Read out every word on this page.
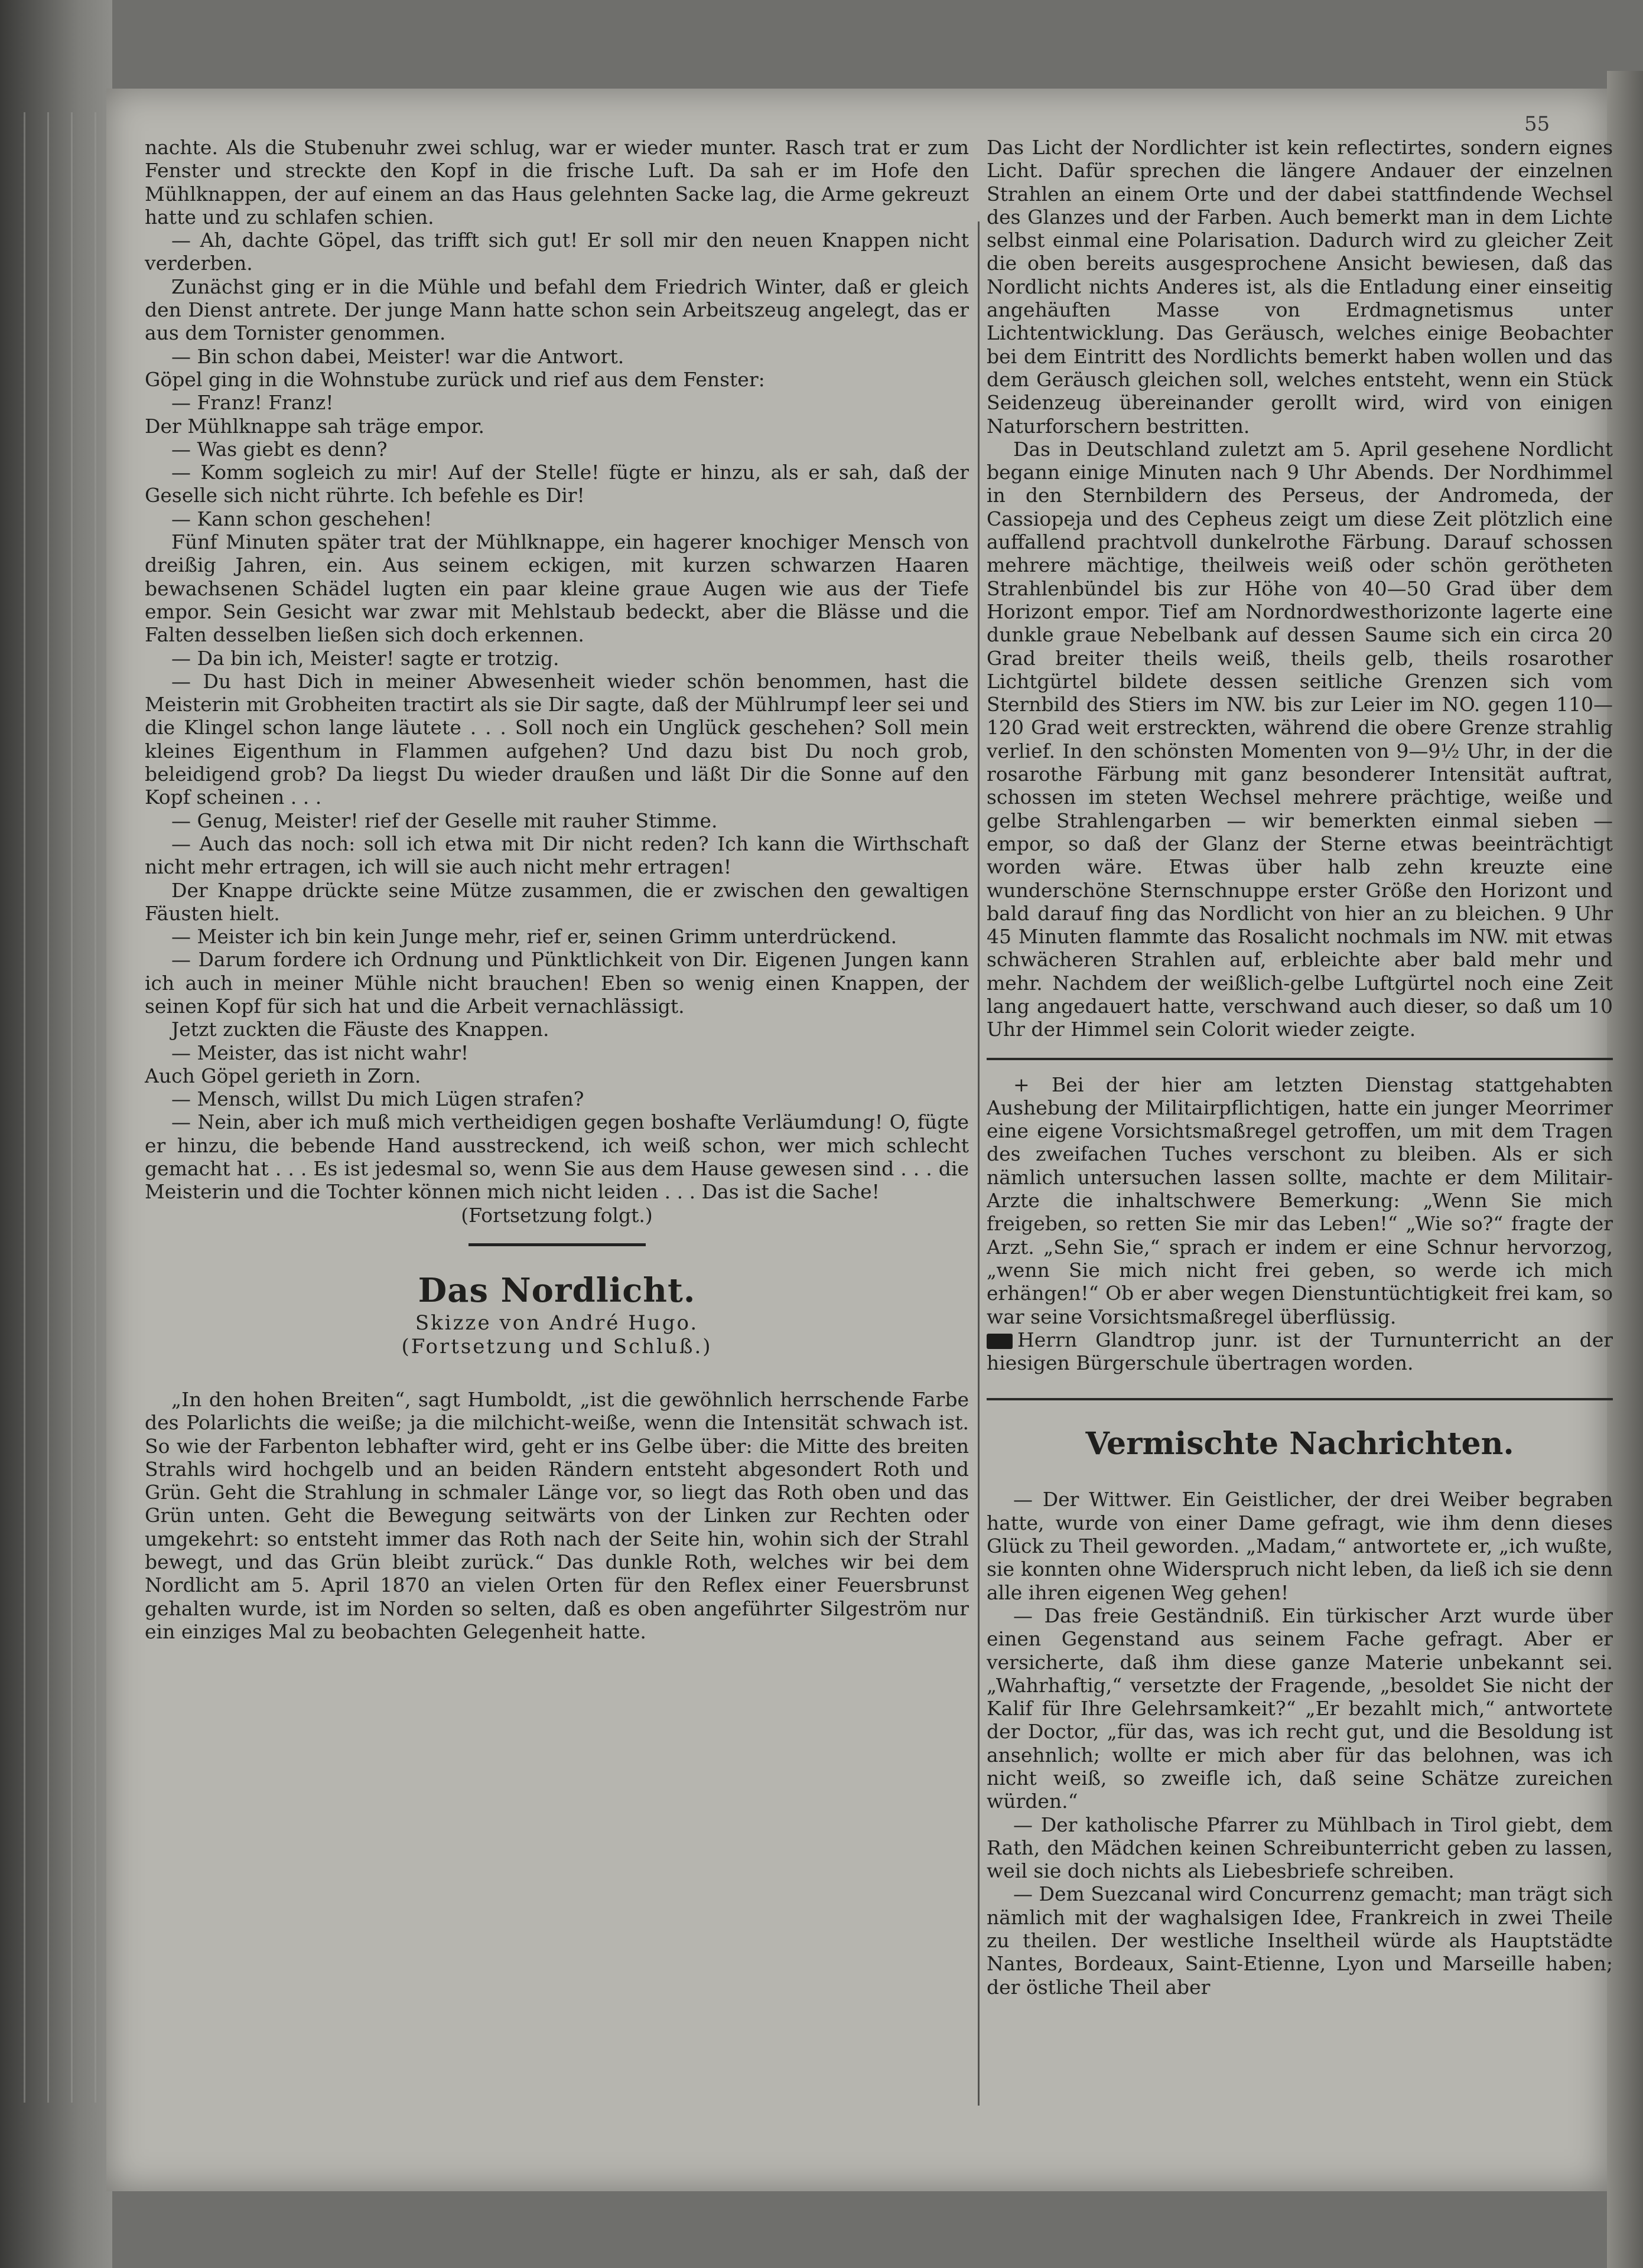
55

nachte. Als die Stubenuhr zwei schlug, war er wieder munter. Rasch trat er zum Fenster und streckte den Kopf in die frische Luft. Da sah er im Hofe den Mühlknappen, der auf einem an das Haus gelehnten Sacke lag, die Arme gekreuzt hatte und zu schlafen schien.

— Ah, dachte Göpel, das trifft sich gut! Er soll mir den neuen Knappen nicht verderben.

Zunächst ging er in die Mühle und befahl dem Friedrich Winter, daß er gleich den Dienst antrete. Der junge Mann hatte schon sein Arbeitszeug angelegt, das er aus dem Tornister genommen.

— Bin schon dabei, Meister! war die Antwort.

Göpel ging in die Wohnstube zurück und rief aus dem Fenster:

— Franz! Franz!

Der Mühlknappe sah träge empor.

— Was giebt es denn?

— Komm sogleich zu mir! Auf der Stelle! fügte er hinzu, als er sah, daß der Geselle sich nicht rührte. Ich befehle es Dir!

— Kann schon geschehen!

Fünf Minuten später trat der Mühlknappe, ein hagerer knochiger Mensch von dreißig Jahren, ein. Aus seinem eckigen, mit kurzen schwarzen Haaren bewachsenen Schädel lugten ein paar kleine graue Augen wie aus der Tiefe empor. Sein Gesicht war zwar mit Mehlstaub bedeckt, aber die Blässe und die Falten desselben ließen sich doch erkennen.

— Da bin ich, Meister! sagte er trotzig.

— Du hast Dich in meiner Abwesenheit wieder schön benommen, hast die Meisterin mit Grobheiten tractirt als sie Dir sagte, daß der Mühlrumpf leer sei und die Klingel schon lange läutete . . . Soll noch ein Unglück geschehen? Soll mein kleines Eigenthum in Flammen aufgehen? Und dazu bist Du noch grob, beleidigend grob? Da liegst Du wieder draußen und läßt Dir die Sonne auf den Kopf scheinen . . .

— Genug, Meister! rief der Geselle mit rauher Stimme.

— Auch das noch: soll ich etwa mit Dir nicht reden? Ich kann die Wirthschaft nicht mehr ertragen, ich will sie auch nicht mehr ertragen!

Der Knappe drückte seine Mütze zusammen, die er zwischen den gewaltigen Fäusten hielt.

— Meister ich bin kein Junge mehr, rief er, seinen Grimm unterdrückend.

— Darum fordere ich Ordnung und Pünktlichkeit von Dir. Eigenen Jungen kann ich auch in meiner Mühle nicht brauchen! Eben so wenig einen Knappen, der seinen Kopf für sich hat und die Arbeit vernachlässigt.

Jetzt zuckten die Fäuste des Knappen.

— Meister, das ist nicht wahr!

Auch Göpel gerieth in Zorn.

— Mensch, willst Du mich Lügen strafen?

— Nein, aber ich muß mich vertheidigen gegen boshafte Verläumdung! O, fügte er hinzu, die bebende Hand ausstreckend, ich weiß schon, wer mich schlecht gemacht hat . . . Es ist jedesmal so, wenn Sie aus dem Hause gewesen sind . . . die Meisterin und die Tochter können mich nicht leiden . . . Das ist die Sache!

(Fortsetzung folgt.)

Das Nordlicht.

Skizze von André Hugo.

(Fortsetzung und Schluß.)

„In den hohen Breiten“, sagt Humboldt, „ist die gewöhnlich herrschende Farbe des Polarlichts die weiße; ja die milchicht-weiße, wenn die Intensität schwach ist. So wie der Farbenton lebhafter wird, geht er ins Gelbe über: die Mitte des breiten Strahls wird hochgelb und an beiden Rändern entsteht abgesondert Roth und Grün. Geht die Strahlung in schmaler Länge vor, so liegt das Roth oben und das Grün unten. Geht die Bewegung seitwärts von der Linken zur Rechten oder umgekehrt: so entsteht immer das Roth nach der Seite hin, wohin sich der Strahl bewegt, und das Grün bleibt zurück.“ Das dunkle Roth, welches wir bei dem Nordlicht am 5. April 1870 an vielen Orten für den Reflex einer Feuersbrunst gehalten wurde, ist im Norden so selten, daß es oben angeführter Silgeström nur ein einziges Mal zu beobachten Gelegenheit hatte.

Das Licht der Nordlichter ist kein reflectirtes, sondern eignes Licht. Dafür sprechen die längere Andauer der einzelnen Strahlen an einem Orte und der dabei stattfindende Wechsel des Glanzes und der Farben. Auch bemerkt man in dem Lichte selbst einmal eine Polarisation. Dadurch wird zu gleicher Zeit die oben bereits ausgesprochene Ansicht bewiesen, daß das Nordlicht nichts Anderes ist, als die Entladung einer einseitig angehäuften Masse von Erdmagnetismus unter Lichtentwicklung. Das Geräusch, welches einige Beobachter bei dem Eintritt des Nordlichts bemerkt haben wollen und das dem Geräusch gleichen soll, welches entsteht, wenn ein Stück Seidenzeug übereinander gerollt wird, wird von einigen Naturforschern bestritten.

Das in Deutschland zuletzt am 5. April gesehene Nordlicht begann einige Minuten nach 9 Uhr Abends. Der Nordhimmel in den Sternbildern des Perseus, der Andromeda, der Cassiopeja und des Cepheus zeigt um diese Zeit plötzlich eine auffallend prachtvoll dunkelrothe Färbung. Darauf schossen mehrere mächtige, theilweis weiß oder schön gerötheten Strahlenbündel bis zur Höhe von 40—50 Grad über dem Horizont empor. Tief am Nordnordwesthorizonte lagerte eine dunkle graue Nebelbank auf dessen Saume sich ein circa 20 Grad breiter theils weiß, theils gelb, theils rosarother Lichtgürtel bildete dessen seitliche Grenzen sich vom Sternbild des Stiers im NW. bis zur Leier im NO. gegen 110—120 Grad weit erstreckten, während die obere Grenze strahlig verlief. In den schönsten Momenten von 9—9½ Uhr, in der die rosarothe Färbung mit ganz besonderer Intensität auftrat, schossen im steten Wechsel mehrere prächtige, weiße und gelbe Strahlengarben — wir bemerkten einmal sieben — empor, so daß der Glanz der Sterne etwas beeinträchtigt worden wäre. Etwas über halb zehn kreuzte eine wunderschöne Sternschnuppe erster Größe den Horizont und bald darauf fing das Nordlicht von hier an zu bleichen. 9 Uhr 45 Minuten flammte das Rosalicht nochmals im NW. mit etwas schwächeren Strahlen auf, erbleichte aber bald mehr und mehr. Nachdem der weißlich-gelbe Luftgürtel noch eine Zeit lang angedauert hatte, verschwand auch dieser, so daß um 10 Uhr der Himmel sein Colorit wieder zeigte.

+ Bei der hier am letzten Dienstag stattgehabten Aushebung der Militairpflichtigen, hatte ein junger Meorrimer eine eigene Vorsichtsmaßregel getroffen, um mit dem Tragen des zweifachen Tuches verschont zu bleiben. Als er sich nämlich untersuchen lassen sollte, machte er dem Militair-Arzte die inhaltschwere Bemerkung: „Wenn Sie mich freigeben, so retten Sie mir das Leben!“ „Wie so?“ fragte der Arzt. „Sehn Sie,“ sprach er indem er eine Schnur hervorzog, „wenn Sie mich nicht frei geben, so werde ich mich erhängen!“ Ob er aber wegen Dienstuntüchtigkeit frei kam, so war seine Vorsichtsmaßregel überflüssig.

Herrn Glandtrop junr. ist der Turnunterricht an der hiesigen Bürgerschule übertragen worden.

Vermischte Nachrichten.

— Der Wittwer. Ein Geistlicher, der drei Weiber begraben hatte, wurde von einer Dame gefragt, wie ihm denn dieses Glück zu Theil geworden. „Madam,“ antwortete er, „ich wußte, sie konnten ohne Widerspruch nicht leben, da ließ ich sie denn alle ihren eigenen Weg gehen!

— Das freie Geständniß. Ein türkischer Arzt wurde über einen Gegenstand aus seinem Fache gefragt. Aber er versicherte, daß ihm diese ganze Materie unbekannt sei. „Wahrhaftig,“ versetzte der Fragende, „besoldet Sie nicht der Kalif für Ihre Gelehrsamkeit?“ „Er bezahlt mich,“ antwortete der Doctor, „für das, was ich recht gut, und die Besoldung ist ansehnlich; wollte er mich aber für das belohnen, was ich nicht weiß, so zweifle ich, daß seine Schätze zureichen würden.“

— Der katholische Pfarrer zu Mühlbach in Tirol giebt, dem Rath, den Mädchen keinen Schreibunterricht geben zu lassen, weil sie doch nichts als Liebesbriefe schreiben.

— Dem Suezcanal wird Concurrenz gemacht; man trägt sich nämlich mit der waghalsigen Idee, Frankreich in zwei Theile zu theilen. Der westliche Inseltheil würde als Hauptstädte Nantes, Bordeaux, Saint-Etienne, Lyon und Marseille haben; der östliche Theil aber
